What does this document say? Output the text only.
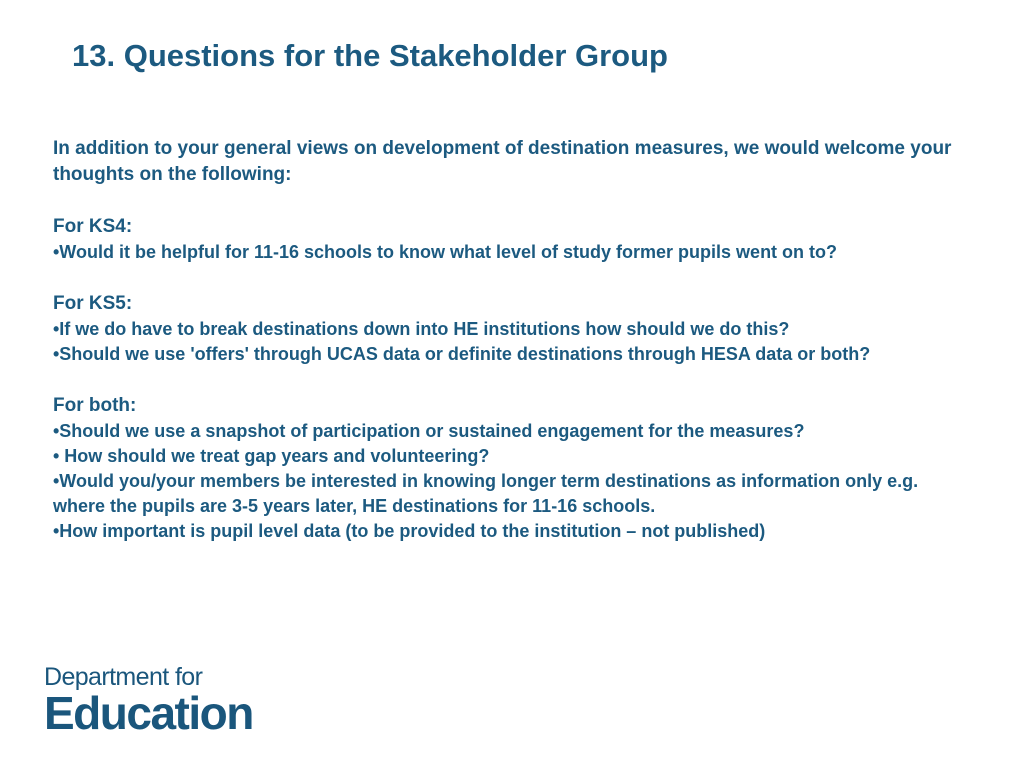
13. Questions for the Stakeholder Group

In addition to your general views on development of destination measures, we would welcome your thoughts on the following:

For KS4:

•Would it be helpful for 11-16 schools to know what level of study former pupils went on to?

For KS5:

•If we do have to break destinations down into HE institutions how should we do this?
•Should we use 'offers' through UCAS data or definite destinations through HESA data or both?

For both:

•Should we use a snapshot of participation or sustained engagement for the measures?
• How should we treat gap years and volunteering?
•Would you/your members be interested in knowing longer term destinations as information only e.g. where the pupils are 3-5 years later, HE destinations for 11-16 schools.
•How important is pupil level data (to be provided to the institution – not published)
Department for
Education
